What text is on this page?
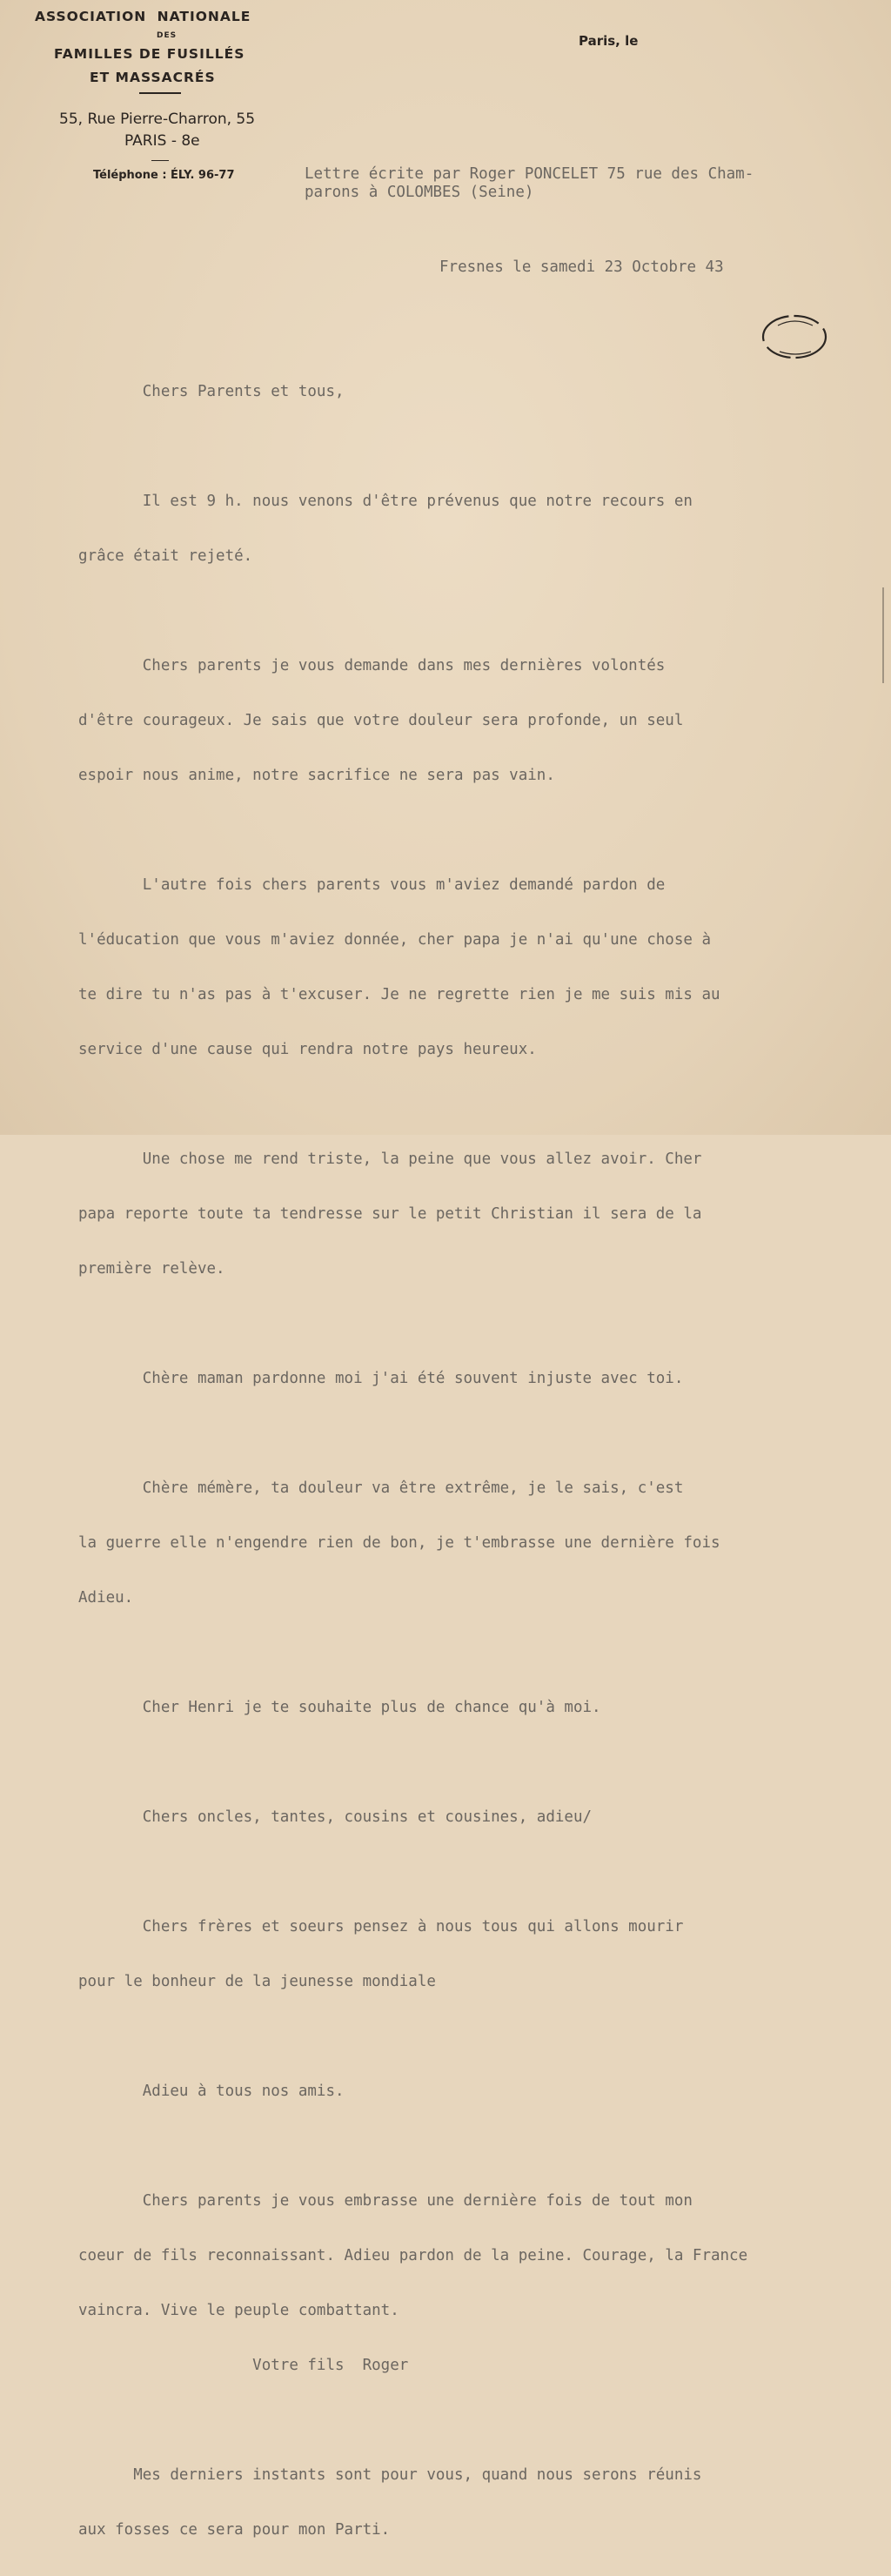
ASSOCIATION NATIONALE
DES
FAMILLES DE FUSILLÉS
ET MASSACRÉS
55, Rue Pierre-Charron, 55
PARIS - 8e
Téléphone : ÉLY. 96-77
Paris, le
Lettre écrite par Roger PONCELET 75 rue des Cham-
parons à COLOMBES (Seine)
Fresnes le samedi 23 Octobre 43

Chers Parents et tous,

Il est 9 h. nous venons d'être prévenus que notre recours en

grâce était rejeté.

Chers parents je vous demande dans mes dernières volontés

d'être courageux. Je sais que votre douleur sera profonde, un seul

espoir nous anime, notre sacrifice ne sera pas vain.

L'autre fois chers parents vous m'aviez demandé pardon de

l'éducation que vous m'aviez donnée, cher papa je n'ai qu'une chose à

te dire tu n'as pas à t'excuser. Je ne regrette rien je me suis mis au

service d'une cause qui rendra notre pays heureux.

Une chose me rend triste, la peine que vous allez avoir. Cher

papa reporte toute ta tendresse sur le petit Christian il sera de la

première relève.

Chère maman pardonne moi j'ai été souvent injuste avec toi.

Chère mémère, ta douleur va être extrême, je le sais, c'est

la guerre elle n'engendre rien de bon, je t'embrasse une dernière fois

Adieu.

Cher Henri je te souhaite plus de chance qu'à moi.

Chers oncles, tantes, cousins et cousines, adieu/

Chers frères et soeurs pensez à nous tous qui allons mourir

pour le bonheur de la jeunesse mondiale

Adieu à tous nos amis.

Chers parents je vous embrasse une dernière fois de tout mon

coeur de fils reconnaissant. Adieu pardon de la peine. Courage, la France

vaincra. Vive le peuple combattant.

Votre fils  Roger

Mes derniers instants sont pour vous, quand nous serons réunis

aux fosses ce sera pour mon Parti.
